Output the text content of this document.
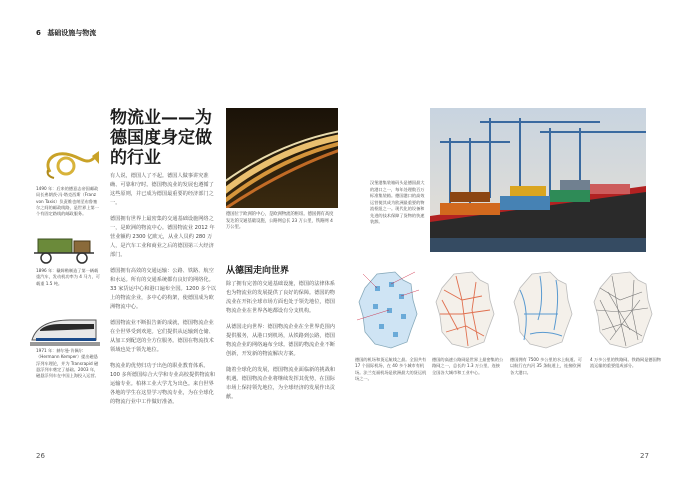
6 基础设施与物流
1490 年：后来的德意志帝国邮政局长弗朗茨·冯·塔克西斯（Franz von Taxis）负责维也纳至布鲁塞尔之间的邮政线路，是世界上第一个有固定路线的邮政服务。
1896 年：戴姆勒制造了第一辆载重汽车，发动机功率为 4 马力，可载重 1.5 吨。
1971 年：赫尔曼·肯佩尔（Hermann Kemper）提出磁悬浮列车理论，并为 Transrapid 磁悬浮列车奠定了基础。2003 年，磁悬浮列车在中国上海投入运营。
物流业——为
德国度身定做
的行业

有人说，德国人了不起。德国人做事讲究准确、可靠和守时。德国物流业的发展也遵循了这些原则，并已成为德国最重要的经济部门之一。

德国拥有世界上最密集的交通基础设施网络之一，是欧洲的物流中心。德国物流业 2012 年营业额约 2300 亿欧元，从业人员约 280 万人，是汽车工业和商业之后的德国第三大经济部门。

德国拥有高效的交通运输：公路、铁路、航空和水运。所有的交通系统都有良好的网络化。33 家货运中心和港口遍布全国。1200 多个以上的物流企业，多中心的构架，使德国成为欧洲物流中心。

德国物流业不断报告新的成就，德国物流企业在全世界受到欢迎。它们提供从运输到仓储、从加工到配送的全方位服务。德国在物流技术领域也处于领先地位。

物流业的优势归功于出色的职业教育体系。100 多所德国综合大学和专业高校提供物流和运输专业。柏林工业大学尤为出色。来自世界各地的学生在这里学习物流专业，为在全球化的物流行业中工作做好准备。

德国位于欧洲的中心，是欧洲物流的枢纽。德国拥有高度发达的交通基础设施，公路网总长 23 万公里，铁路网 4 万公里。
从德国走向世界

除了拥有完善的交通基础设施，德国的法律体系也为物流业的发展提供了良好的保障。德国的物流业在开拓全球市场方面也处于领先地位，德国物流企业在世界各地都设有分支机构。

从德国走向世界：德国物流企业在全世界范围内提供服务，从港口到机场，从铁路到公路，德国物流企业的网络遍布全球。德国的物流企业不断创新，开发新的物流解决方案。

随着全球化的发展，德国物流业面临新的挑战和机遇。德国物流企业将继续发挥其优势，在国际市场上保持领先地位，为全球经济的发展作出贡献。

汉堡港集装箱码头是德国最大的港口之一，每年处理数百万标准集装箱。德国港口的高效运营使其成为欧洲最重要的物流枢纽之一。现代化的设备和先进的技术保障了货物的快速装卸。
德国的机场和货运航线之最。全国共有 17 个国际机场，在 40 多个城市有机场。法兰克福机场是欧洲最大的货运机场之一。
德国的高速公路网是世界上最密集的公路网之一，总长约 1.3 万公里，连接全国各大城市和工业中心。
德国拥有 7500 多公里的水上航道。可以航行在内河 35 条航道上，连接欧洲各大港口。
4 万多公里的铁路网。铁路网是德国物流运输的重要组成部分。
26	27
